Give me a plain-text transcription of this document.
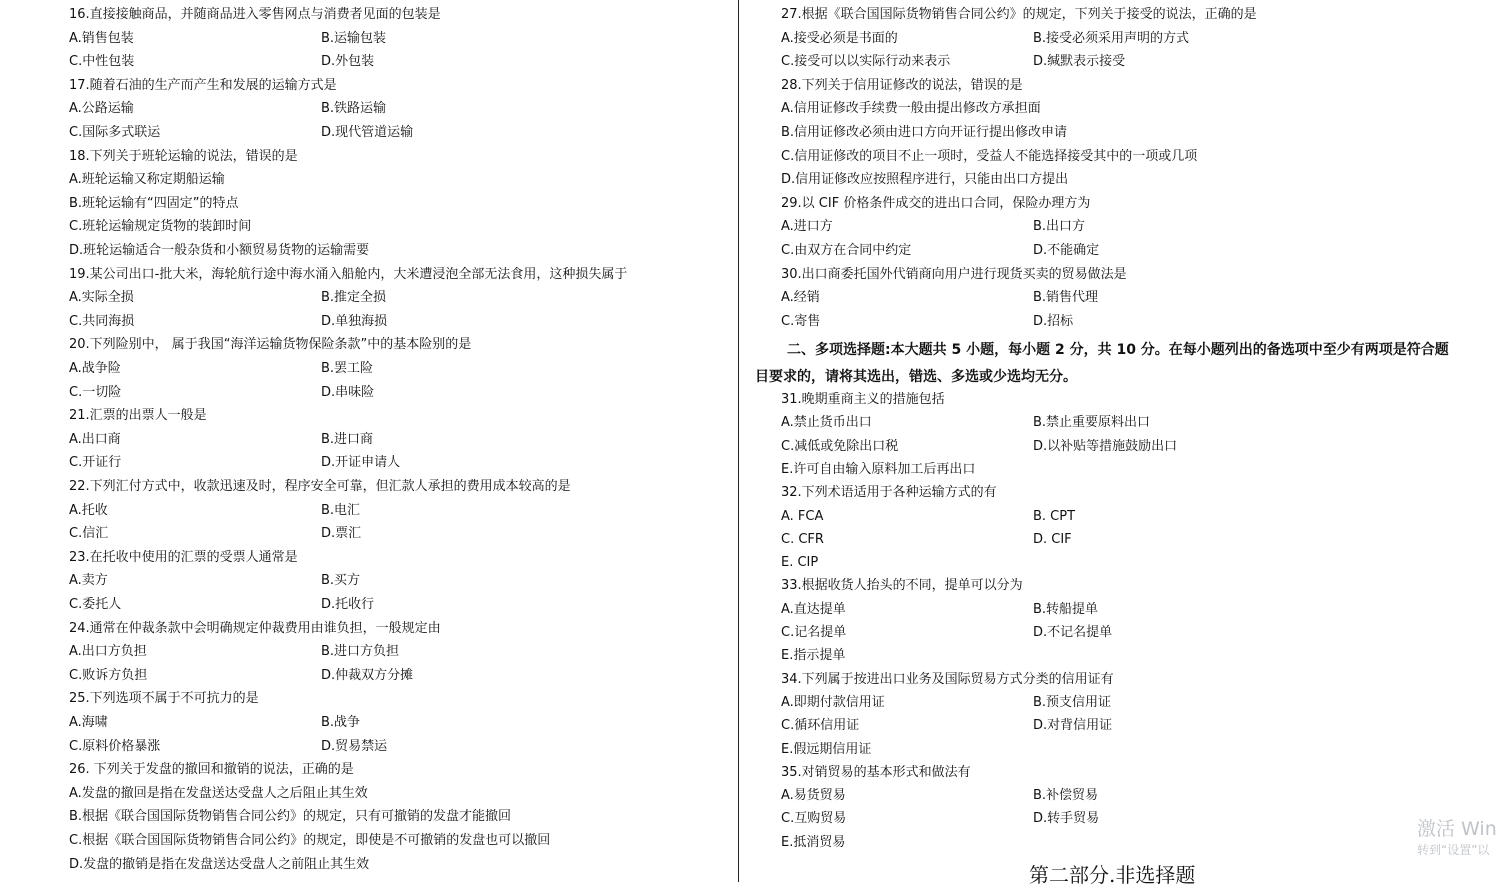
16.直接接触商品，并随商品进入零售网点与消费者见面的包装是
A.销售包装	B.运输包装
C.中性包装	D.外包装
17.随着石油的生产而产生和发展的运输方式是
A.公路运输	B.铁路运输
C.国际多式联运	D.现代管道运输
18.下列关于班轮运输的说法，错误的是
A.班轮运输又称定期船运输
B.班轮运输有“四固定”的特点
C.班轮运输规定货物的装卸时间
D.班轮运输适合一般杂货和小额贸易货物的运输需要
19.某公司出口-批大米，海轮航行途中海水涌入船舱内，大米遭浸泡全部无法食用，这种损失属于
A.实际全损	B.推定全损
C.共同海损	D.单独海损
20.下列险别中， 属于我国“海洋运输货物保险条款”中的基本险别的是
A.战争险	B.罢工险
C.一切险	D.串味险
21.汇票的出票人一般是
A.出口商	B.进口商
C.开证行	D.开证申请人
22.下列汇付方式中，收款迅速及时，程序安全可靠，但汇款人承担的费用成本较高的是
A.托收	B.电汇
C.信汇	D.票汇
23.在托收中使用的汇票的受票人通常是
A.卖方	B.买方
C.委托人	D.托收行
24.通常在仲裁条款中会明确规定仲裁费用由谁负担，一般规定由
A.出口方负担	B.进口方负担
C.败诉方负担	D.仲裁双方分摊
25.下列选项不属于不可抗力的是
A.海啸	B.战争
C.原料价格暴涨	D.贸易禁运
26. 下列关于发盘的撤回和撤销的说法，正确的是
A.发盘的撤回是指在发盘送达受盘人之后阻止其生效
B.根据《联合国国际货物销售合同公约》的规定，只有可撤销的发盘才能撤回
C.根据《联合国国际货物销售合同公约》的规定，即使是不可撤销的发盘也可以撤回
D.发盘的撤销是指在发盘送达受盘人之前阻止其生效
二、多项选择题:本大题共 5 小题，每小题 2 分，共 10 分。在每小题列出的备选项中至少有两项是符合题目要求的，请将其选出，错选、多选或少选均无分。
第二部分.非选择题
27.根据《联合国国际货物销售合同公约》的规定，下列关于接受的说法，正确的是
A.接受必须是书面的	B.接受必须采用声明的方式
C.接受可以以实际行动来表示	D.缄默表示接受
28.下列关于信用证修改的说法，错误的是
A.信用证修改手续费一般由提出修改方承担面
B.信用证修改必须由进口方向开证行提出修改申请
C.信用证修改的项目不止一项时，受益人不能选择接受其中的一项或几项
D.信用证修改应按照程序进行，只能由出口方提出
29.以 CIF 价格条件成交的进出口合同，保险办理方为
A.进口方	B.出口方
C.由双方在合同中约定	D.不能确定
30.出口商委托国外代销商向用户进行现货买卖的贸易做法是
A.经销	B.销售代理
C.寄售	D.招标
31.晚期重商主义的措施包括
A.禁止货币出口	B.禁止重要原料出口
C.减低或免除出口税	D.以补贴等措施鼓励出口
E.许可自由输入原料加工后再出口
32.下列术语适用于各种运输方式的有
A. FCA	B. CPT
C. CFR	D. CIF
E. CIP
33.根据收货人抬头的不同，提单可以分为
A.直达提单	B.转船提单
C.记名提单	D.不记名提单
E.指示提单
34.下列属于按进出口业务及国际贸易方式分类的信用证有
A.即期付款信用证	B.预支信用证
C.循环信用证	D.对背信用证
E.假远期信用证
35.对销贸易的基本形式和做法有
A.易货贸易	B.补偿贸易
C.互购贸易	D.转手贸易
E.抵消贸易
激活 Win
转到“设置”以
